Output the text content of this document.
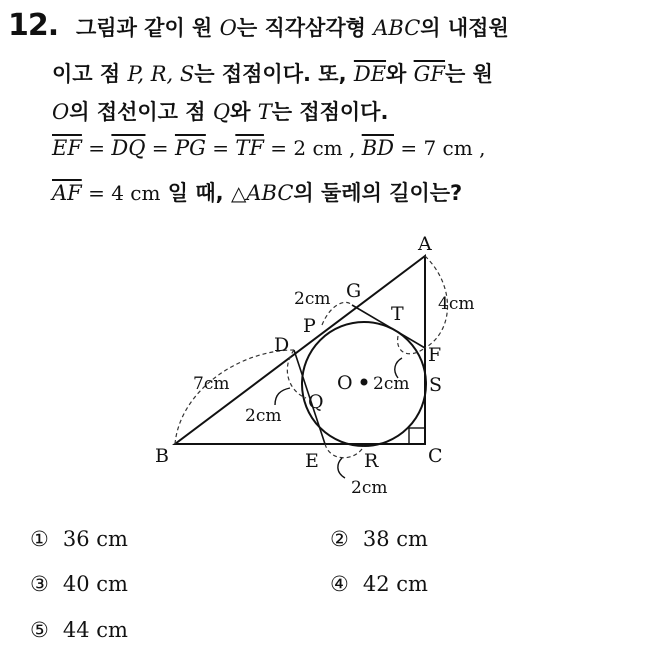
12. 그림과 같이 원 O는 직각삼각형 ABC의 내접원
이고 점 P, R, S는 접점이다. 또, $\overline{DE}$와 $\overline{GF}$는 원
O의 접선이고 점 Q와 T는 접점이다.
$\overline{EF} = \overline{DQ} = \overline{PG} = \overline{TF} = 2$ cm , $\overline{BD} = 7$ cm ,
$\overline{AF} = 4$ cm 일 때, △ABC의 둘레의 길이는?
A
B	C
D
E
F
G
P
Q
R
S
T
O
2cm	4cm
7cm
2cm
2cm
2cm
① 36 cm	② 38 cm
③ 40 cm	④ 42 cm
⑤ 44 cm
